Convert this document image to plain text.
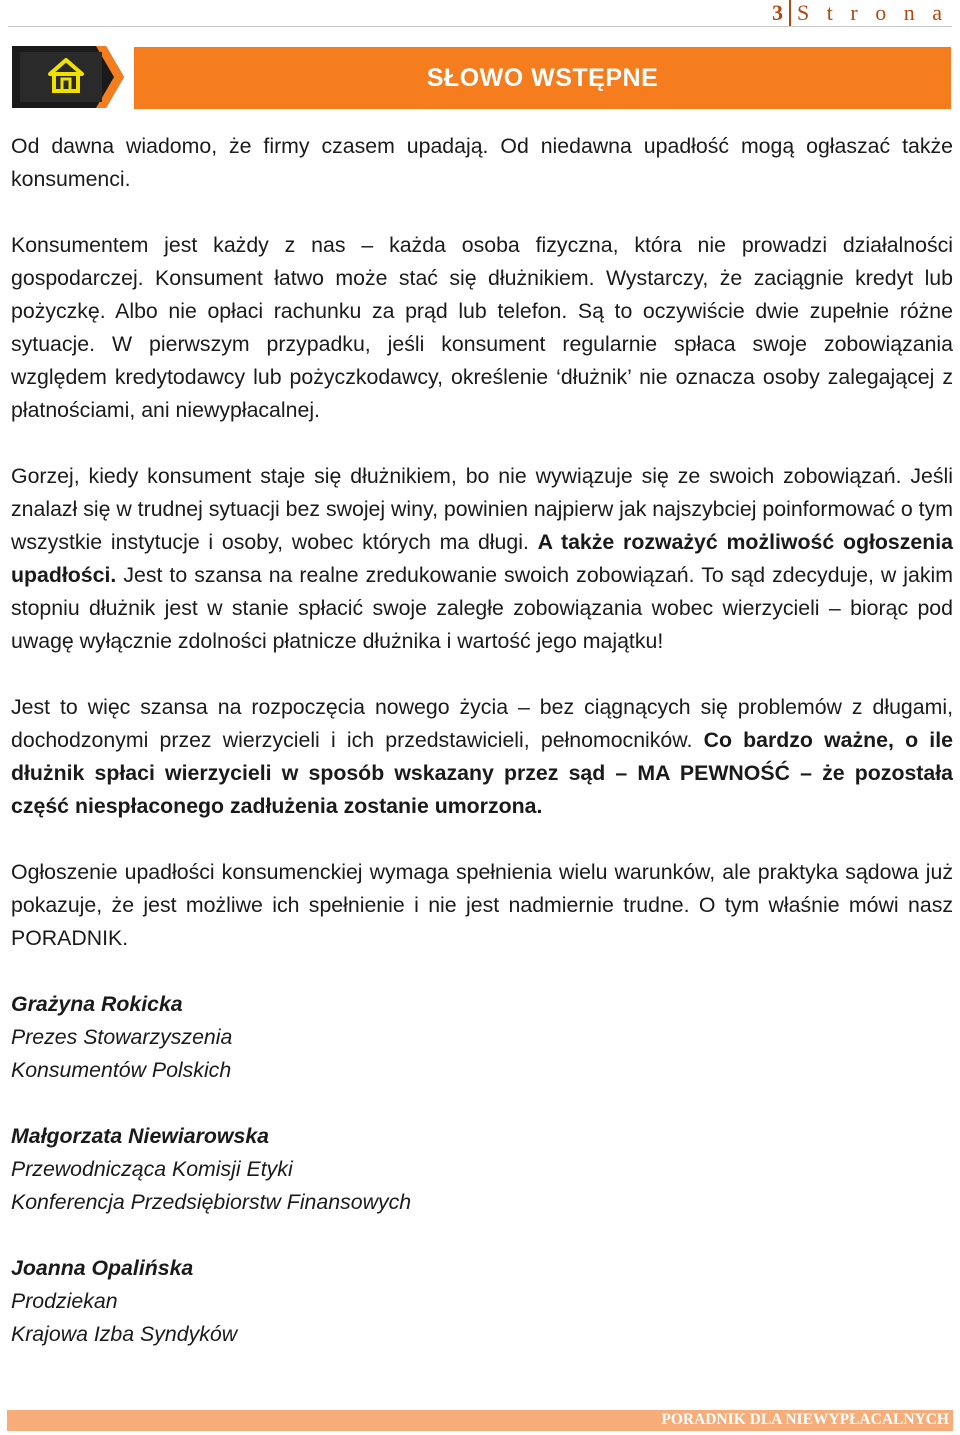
3 S t r o n a
SŁOWO WSTĘPNE

Od dawna wiadomo, że firmy czasem upadają. Od niedawna upadłość mogą ogłaszać także konsumenci.

Konsumentem jest każdy z nas – każda osoba fizyczna, która nie prowadzi działalności gospodarczej. Konsument łatwo może stać się dłużnikiem. Wystarczy, że zaciągnie kredyt lub pożyczkę. Albo nie opłaci rachunku za prąd lub telefon. Są to oczywiście dwie zupełnie różne sytuacje. W pierwszym przypadku, jeśli konsument regularnie spłaca swoje zobowiązania względem kredytodawcy lub pożyczkodawcy, określenie ‘dłużnik’ nie oznacza osoby zalegającej z płatnościami, ani niewypłacalnej.

Gorzej, kiedy konsument staje się dłużnikiem, bo nie wywiązuje się ze swoich zobowiązań. Jeśli znalazł się w trudnej sytuacji bez swojej winy, powinien najpierw jak najszybciej poinformować o tym wszystkie instytucje i osoby, wobec których ma długi. A także rozważyć możliwość ogłoszenia upadłości. Jest to szansa na realne zredukowanie swoich zobowiązań. To sąd zdecyduje, w jakim stopniu dłużnik jest w stanie spłacić swoje zaległe zobowiązania wobec wierzycieli – biorąc pod uwagę wyłącznie zdolności płatnicze dłużnika i wartość jego majątku!

Jest to więc szansa na rozpoczęcia nowego życia – bez ciągnących się problemów z długami, dochodzonymi przez wierzycieli i ich przedstawicieli, pełnomocników. Co bardzo ważne, o ile dłużnik spłaci wierzycieli w sposób wskazany przez sąd – MA PEWNOŚĆ – że pozostała część niespłaconego zadłużenia zostanie umorzona.

Ogłoszenie upadłości konsumenckiej wymaga spełnienia wielu warunków, ale praktyka sądowa już pokazuje, że jest możliwe ich spełnienie i nie jest nadmiernie trudne. O tym właśnie mówi nasz PORADNIK.

Grażyna Rokicka
Prezes Stowarzyszenia
Konsumentów Polskich
Małgorzata Niewiarowska
Przewodnicząca Komisji Etyki
Konferencja Przedsiębiorstw Finansowych
Joanna Opalińska
Prodziekan
Krajowa Izba Syndyków
PORADNIK DLA NIEWYPŁACALNYCH
